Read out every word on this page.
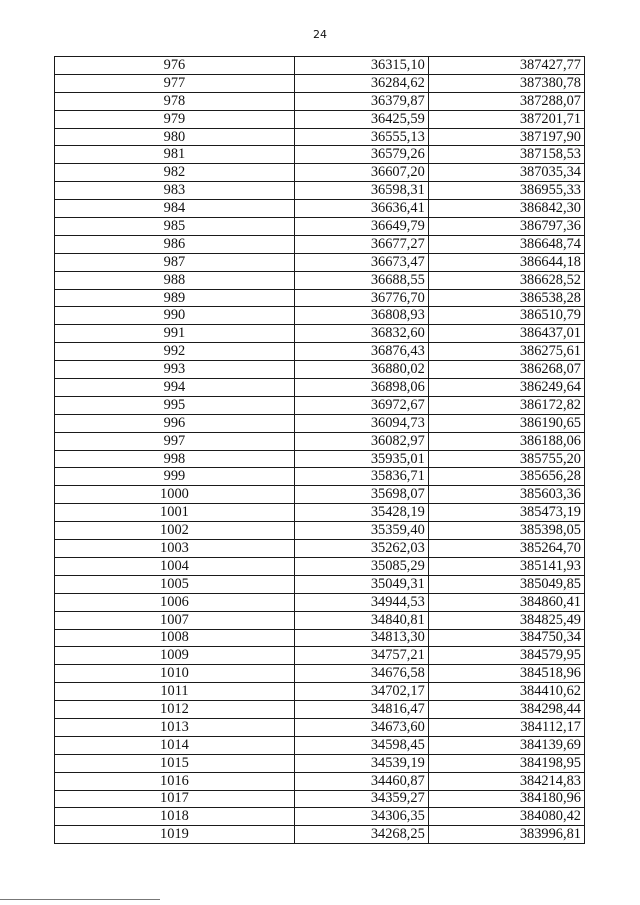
24
976	36315,10	387427,77
977	36284,62	387380,78
978	36379,87	387288,07
979	36425,59	387201,71
980	36555,13	387197,90
981	36579,26	387158,53
982	36607,20	387035,34
983	36598,31	386955,33
984	36636,41	386842,30
985	36649,79	386797,36
986	36677,27	386648,74
987	36673,47	386644,18
988	36688,55	386628,52
989	36776,70	386538,28
990	36808,93	386510,79
991	36832,60	386437,01
992	36876,43	386275,61
993	36880,02	386268,07
994	36898,06	386249,64
995	36972,67	386172,82
996	36094,73	386190,65
997	36082,97	386188,06
998	35935,01	385755,20
999	35836,71	385656,28
1000	35698,07	385603,36
1001	35428,19	385473,19
1002	35359,40	385398,05
1003	35262,03	385264,70
1004	35085,29	385141,93
1005	35049,31	385049,85
1006	34944,53	384860,41
1007	34840,81	384825,49
1008	34813,30	384750,34
1009	34757,21	384579,95
1010	34676,58	384518,96
1011	34702,17	384410,62
1012	34816,47	384298,44
1013	34673,60	384112,17
1014	34598,45	384139,69
1015	34539,19	384198,95
1016	34460,87	384214,83
1017	34359,27	384180,96
1018	34306,35	384080,42
1019	34268,25	383996,81
